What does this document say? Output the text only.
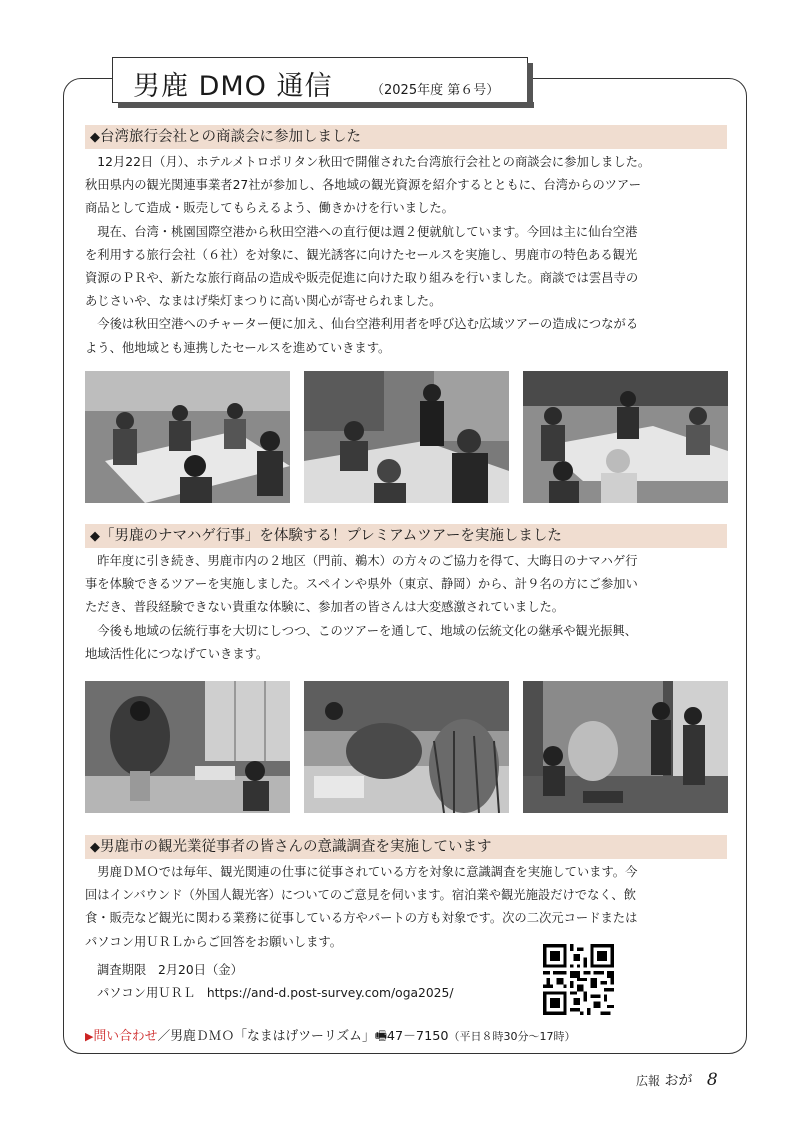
男鹿 DMO 通信	（2025年度 第６号）
◆台湾旅行会社との商談会に参加しました

　12月22日（月）、ホテルメトロポリタン秋田で開催された台湾旅行会社との商談会に参加しました。

秋田県内の観光関連事業者27社が参加し、各地域の観光資源を紹介するとともに、台湾からのツアー

商品として造成・販売してもらえるよう、働きかけを行いました。

　現在、台湾・桃園国際空港から秋田空港への直行便は週２便就航しています。今回は主に仙台空港

を利用する旅行会社（６社）を対象に、観光誘客に向けたセールスを実施し、男鹿市の特色ある観光

資源のＰＲや、新たな旅行商品の造成や販売促進に向けた取り組みを行いました。商談では雲昌寺の

あじさいや、なまはげ柴灯まつりに高い関心が寄せられました。

　今後は秋田空港へのチャーター便に加え、仙台空港利用者を呼び込む広域ツアーの造成につながる

よう、他地域とも連携したセールスを進めていきます。

◆「男鹿のナマハゲ行事」を体験する！プレミアムツアーを実施しました

　昨年度に引き続き、男鹿市内の２地区（門前、鵜木）の方々のご協力を得て、大晦日のナマハゲ行

事を体験できるツアーを実施しました。スペインや県外（東京、静岡）から、計９名の方にご参加い

ただき、普段経験できない貴重な体験に、参加者の皆さんは大変感激されていました。

　今後も地域の伝統行事を大切にしつつ、このツアーを通して、地域の伝統文化の継承や観光振興、

地域活性化につなげていきます。

◆男鹿市の観光業従事者の皆さんの意識調査を実施しています

　男鹿ＤＭＯでは毎年、観光関連の仕事に従事されている方を対象に意識調査を実施しています。今

回はインバウンド（外国人観光客）についてのご意見を伺います。宿泊業や観光施設だけでなく、飲

食・販売など観光に関わる業務に従事している方やパートの方も対象です。次の二次元コードまたは

パソコン用ＵＲＬからご回答をお願いします。

調査期限 2月20日（金）
パソコン用ＵＲＬ https://and-d.post-survey.com/oga2025/
▶問い合わせ／男鹿ＤＭＯ「なまはげツーリズム」🖷47－7150（平日８時30分～17時）
広報 おが 8
